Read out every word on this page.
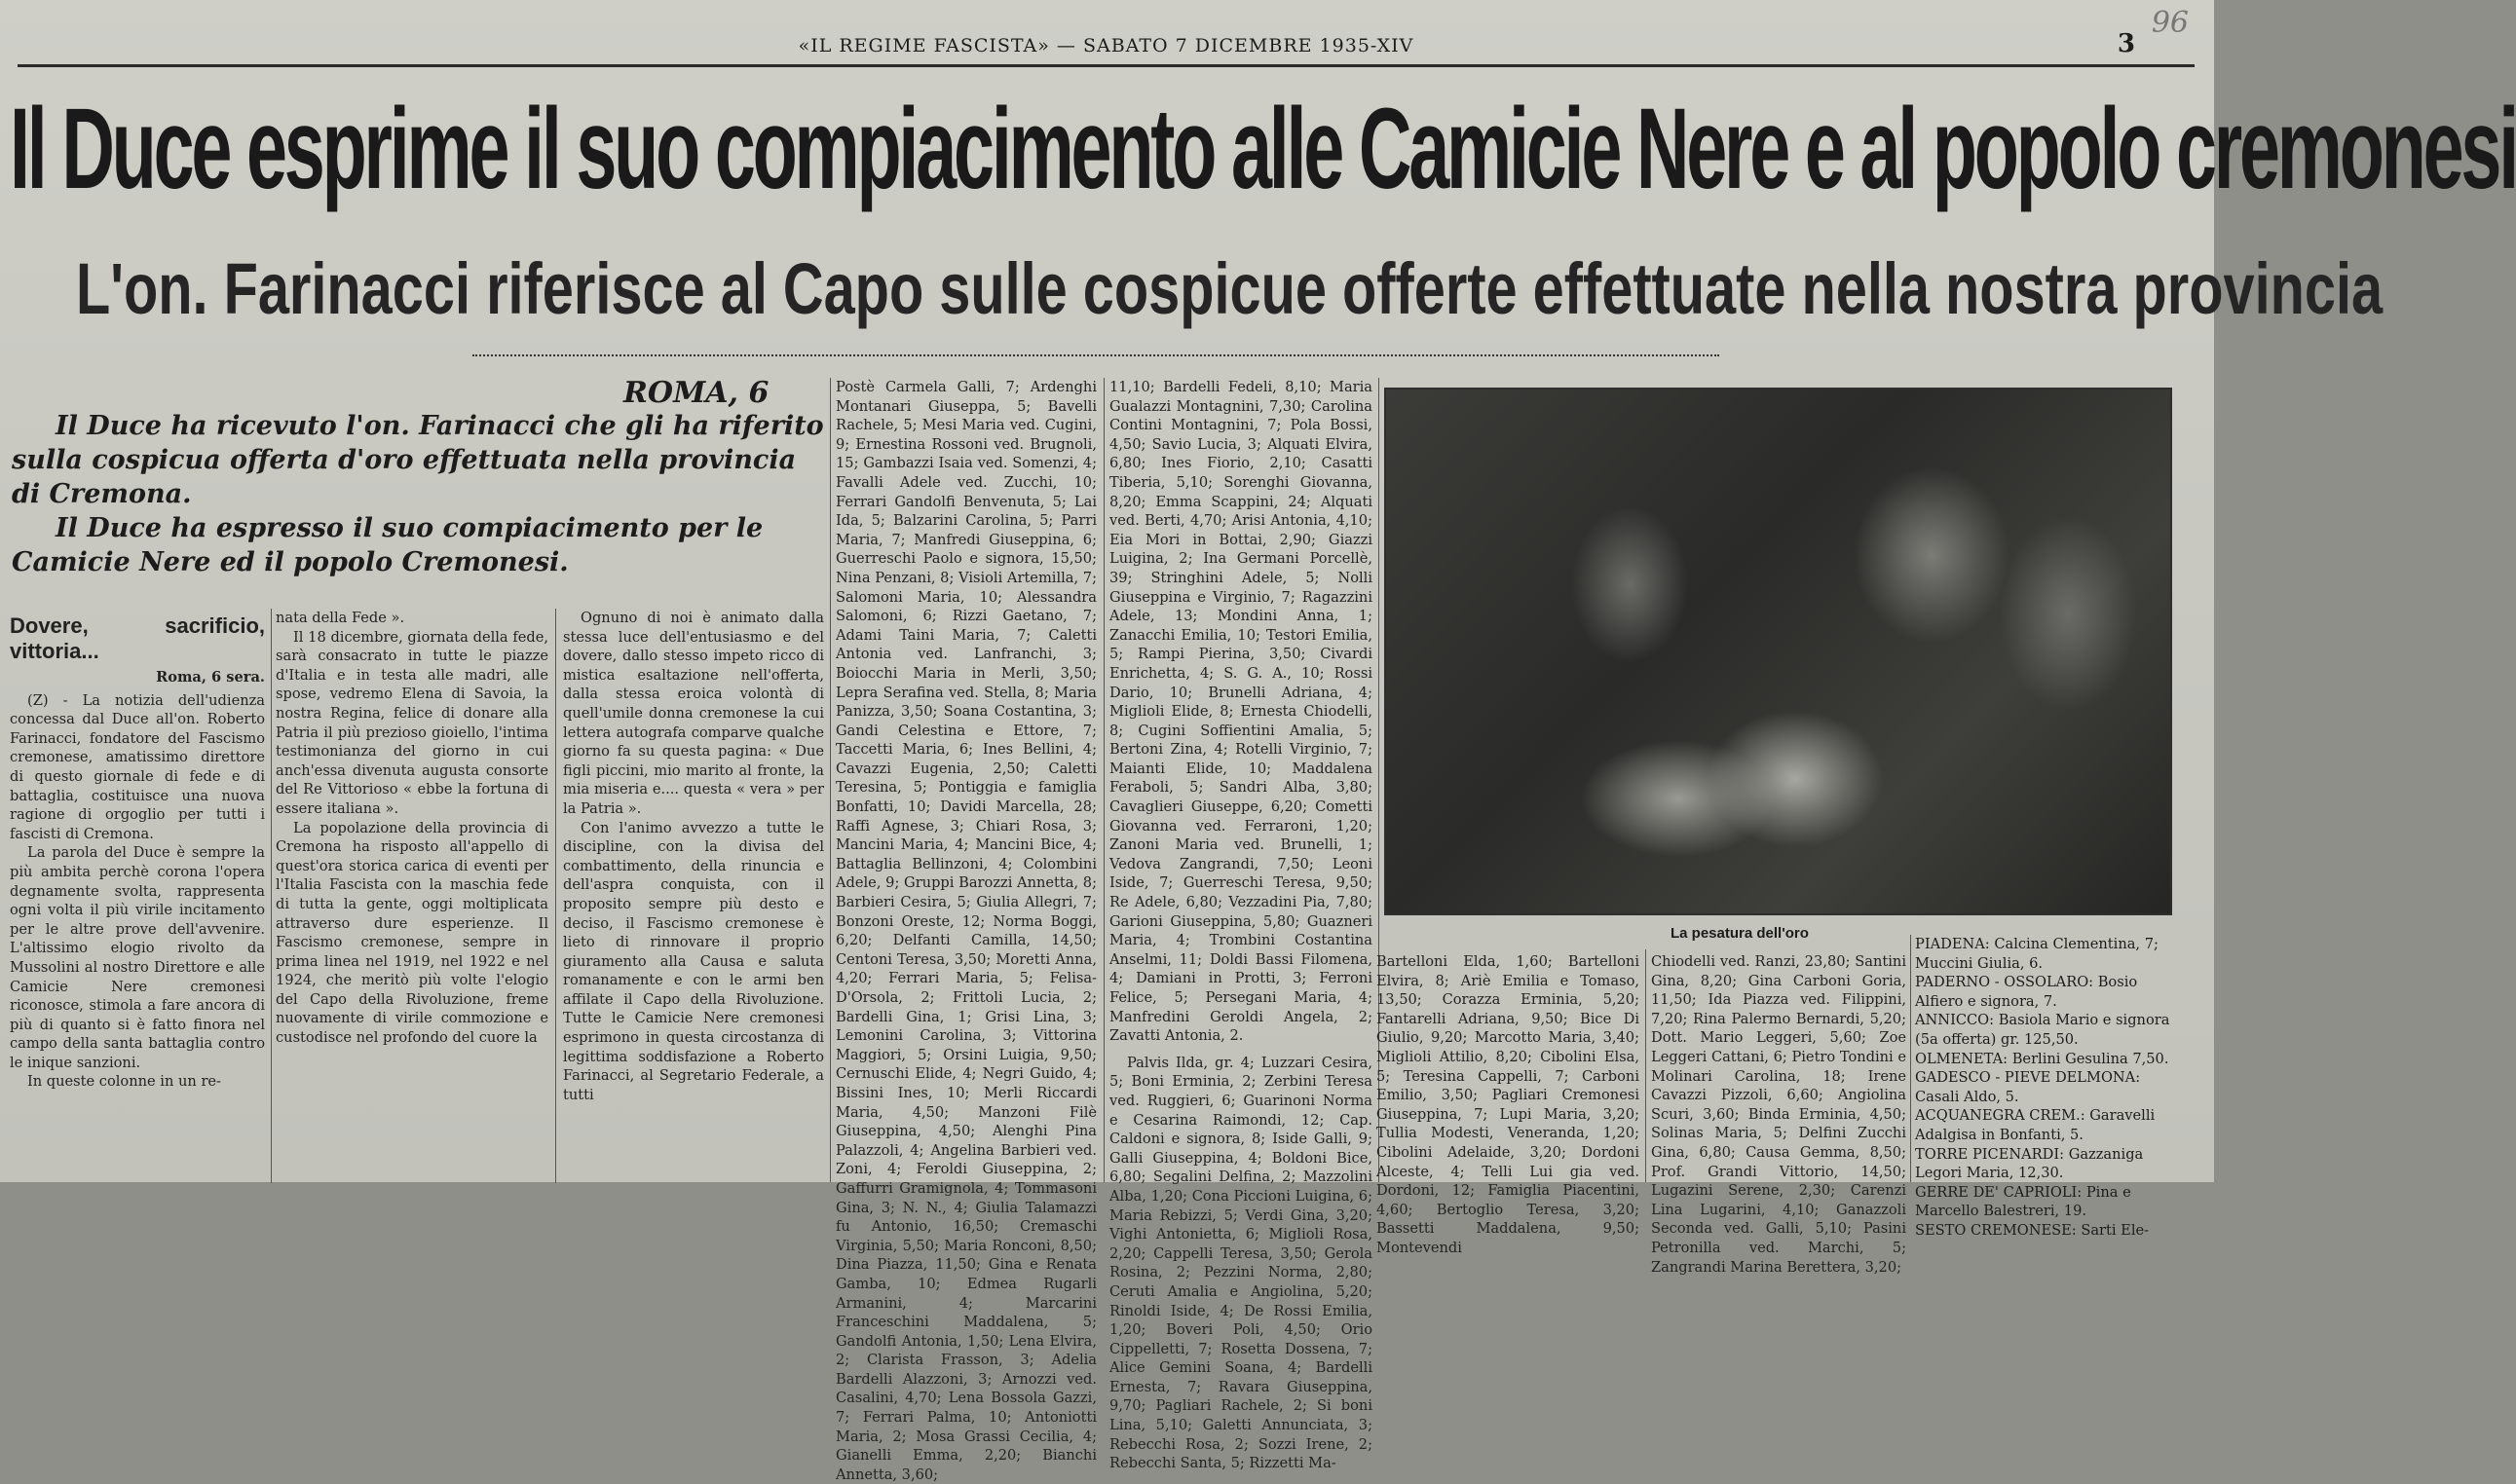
«IL REGIME FASCISTA» — SABATO 7 DICEMBRE 1935-XIV	3
96
Il Duce esprime il suo compiacimento alle Camicie Nere e al popolo cremonesi
L'on. Farinacci riferisce al Capo sulle cospicue offerte effettuate nella nostra provincia
ROMA, 6

Il Duce ha ricevuto l'on. Farinacci che gli ha riferito sulla cospicua offerta d'oro effettuata nella provincia di Cremona.

Il Duce ha espresso il suo compiacimento per le Camicie Nere ed il popolo Cremonesi.

Dovere, sacrificio, vittoria...
Roma, 6 sera.

(Z) - La notizia dell'udienza concessa dal Duce all'on. Roberto Farinacci, fondatore del Fascismo cremonese, amatissimo direttore di questo giornale di fede e di battaglia, costituisce una nuova ragione di orgoglio per tutti i fascisti di Cremona.

La parola del Duce è sempre la più ambita perchè corona l'opera degnamente svolta, rappresenta ogni volta il più virile incitamento per le altre prove dell'avvenire. L'altissimo elogio rivolto da Mussolini al nostro Direttore e alle Camicie Nere cremonesi riconosce, stimola a fare ancora di più di quanto si è fatto finora nel campo della santa battaglia contro le inique sanzioni.

In queste colonne in un re-

nata della Fede ».

Il 18 dicembre, giornata della fede, sarà consacrato in tutte le piazze d'Italia e in testa alle madri, alle spose, vedremo Elena di Savoia, la nostra Regina, felice di donare alla Patria il più prezioso gioiello, l'intima testimonianza del giorno in cui anch'essa divenuta augusta consorte del Re Vittorioso « ebbe la fortuna di essere italiana ».

La popolazione della provincia di Cremona ha risposto all'appello di quest'ora storica carica di eventi per l'Italia Fascista con la maschia fede di tutta la gente, oggi moltiplicata attraverso dure esperienze. Il Fascismo cremonese, sempre in prima linea nel 1919, nel 1922 e nel 1924, che meritò più volte l'elogio del Capo della Rivoluzione, freme nuovamente di virile commozione e custodisce nel profondo del cuore la

Ognuno di noi è animato dalla stessa luce dell'entusiasmo e del dovere, dallo stesso impeto ricco di mistica esaltazione nell'offerta, dalla stessa eroica volontà di quell'umile donna cremonese la cui lettera autografa comparve qualche giorno fa su questa pagina: « Due figli piccini, mio marito al fronte, la mia miseria e.... questa « vera » per la Patria ».

Con l'animo avvezzo a tutte le discipline, con la divisa del combattimento, della rinuncia e dell'aspra conquista, con il proposito sempre più desto e deciso, il Fascismo cremonese è lieto di rinnovare il proprio giuramento alla Causa e saluta romanamente e con le armi ben affilate il Capo della Rivoluzione. Tutte le Camicie Nere cremonesi esprimono in questa circostanza di legittima soddisfazione a Roberto Farinacci, al Segretario Federale, a tutti

Postè Carmela Galli, 7; Ardenghi Montanari Giuseppa, 5; Bavelli Rachele, 5; Mesi Maria ved. Cugini, 9; Ernestina Rossoni ved. Brugnoli, 15; Gambazzi Isaia ved. Somenzi, 4; Favalli Adele ved. Zucchi, 10; Ferrari Gandolfi Benvenuta, 5; Lai Ida, 5; Balzarini Carolina, 5; Parri Maria, 7; Manfredi Giuseppina, 6; Guerreschi Paolo e signora, 15,50; Nina Penzani, 8; Visioli Artemilla, 7; Salomoni Maria, 10; Alessandra Salomoni, 6; Rizzi Gaetano, 7; Adami Taini Maria, 7; Caletti Antonia ved. Lanfranchi, 3; Boiocchi Maria in Merli, 3,50; Lepra Serafina ved. Stella, 8; Maria Panizza, 3,50; Soana Costantina, 3; Gandi Celestina e Ettore, 7; Taccetti Maria, 6; Ines Bellini, 4; Cavazzi Eugenia, 2,50; Caletti Teresina, 5; Pontiggia e famiglia Bonfatti, 10; Davidi Marcella, 28; Raffi Agnese, 3; Chiari Rosa, 3; Mancini Maria, 4; Mancini Bice, 4; Battaglia Bellinzoni, 4; Colombini Adele, 9; Gruppi Barozzi Annetta, 8; Barbieri Cesira, 5; Giulia Allegri, 7; Bonzoni Oreste, 12; Norma Boggi, 6,20; Delfanti Camilla, 14,50; Centoni Teresa, 3,50; Moretti Anna, 4,20; Ferrari Maria, 5; Felisa-D'Orsola, 2; Frittoli Lucia, 2; Bardelli Gina, 1; Grisi Lina, 3; Lemonini Carolina, 3; Vittorina Maggiori, 5; Orsini Luigia, 9,50; Cernuschi Elide, 4; Negri Guido, 4; Bissini Ines, 10; Merli Riccardi Maria, 4,50; Manzoni Filè Giuseppina, 4,50; Alenghi Pina Palazzoli, 4; Angelina Barbieri ved. Zoni, 4; Feroldi Giuseppina, 2; Gaffurri Gramignola, 4; Tommasoni Gina, 3; N. N., 4; Giulia Talamazzi fu Antonio, 16,50; Cremaschi Virginia, 5,50; Maria Ronconi, 8,50; Dina Piazza, 11,50; Gina e Renata Gamba, 10; Edmea Rugarli Armanini, 4; Marcarini Franceschini Maddalena, 5; Gandolfi Antonia, 1,50; Lena Elvira, 2; Clarista Frasson, 3; Adelia Bardelli Alazzoni, 3; Arnozzi ved. Casalini, 4,70; Lena Bossola Gazzi, 7; Ferrari Palma, 10; Antoniotti Maria, 2; Mosa Grassi Cecilia, 4; Gianelli Emma, 2,20; Bianchi Annetta, 3,60;

11,10; Bardelli Fedeli, 8,10; Maria Gualazzi Montagnini, 7,30; Carolina Contini Montagnini, 7; Pola Bossi, 4,50; Savio Lucia, 3; Alquati Elvira, 6,80; Ines Fiorio, 2,10; Casatti Tiberia, 5,10; Sorenghi Giovanna, 8,20; Emma Scappini, 24; Alquati ved. Berti, 4,70; Arisi Antonia, 4,10; Eia Mori in Bottai, 2,90; Giazzi Luigina, 2; Ina Germani Porcellè, 39; Stringhini Adele, 5; Nolli Giuseppina e Virginio, 7; Ragazzini Adele, 13; Mondini Anna, 1; Zanacchi Emilia, 10; Testori Emilia, 5; Rampi Pierina, 3,50; Civardi Enrichetta, 4; S. G. A., 10; Rossi Dario, 10; Brunelli Adriana, 4; Miglioli Elide, 8; Ernesta Chiodelli, 8; Cugini Soffientini Amalia, 5; Bertoni Zina, 4; Rotelli Virginio, 7; Maianti Elide, 10; Maddalena Feraboli, 5; Sandri Alba, 3,80; Cavaglieri Giuseppe, 6,20; Cometti Giovanna ved. Ferraroni, 1,20; Zanoni Maria ved. Brunelli, 1; Vedova Zangrandi, 7,50; Leoni Iside, 7; Guerreschi Teresa, 9,50; Re Adele, 6,80; Vezzadini Pia, 7,80; Garioni Giuseppina, 5,80; Guazneri Maria, 4; Trombini Costantina Anselmi, 11; Doldi Bassi Filomena, 4; Damiani in Protti, 3; Ferroni Felice, 5; Persegani Maria, 4; Manfredini Geroldi Angela, 2; Zavatti Antonia, 2.

Palvis Ilda, gr. 4; Luzzari Cesira, 5; Boni Erminia, 2; Zerbini Teresa ved. Ruggieri, 6; Guarinoni Norma e Cesarina Raimondi, 12; Cap. Caldoni e signora, 8; Iside Galli, 9; Galli Giuseppina, 4; Boldoni Bice, 6,80; Segalini Delfina, 2; Mazzolini Alba, 1,20; Cona Piccioni Luigina, 6; Maria Rebizzi, 5; Verdi Gina, 3,20; Vighi Antonietta, 6; Miglioli Rosa, 2,20; Cappelli Teresa, 3,50; Gerola Rosina, 2; Pezzini Norma, 2,80; Ceruti Amalia e Angiolina, 5,20; Rinoldi Iside, 4; De Rossi Emilia, 1,20; Boveri Poli, 4,50; Orio Cippelletti, 7; Rosetta Dossena, 7; Alice Gemini Soana, 4; Bardelli Ernesta, 7; Ravara Giuseppina, 9,70; Pagliari Rachele, 2; Si boni Lina, 5,10; Galetti Annunciata, 3; Rebecchi Rosa, 2; Sozzi Irene, 2; Rebecchi Santa, 5; Rizzetti Ma-

La pesatura dell'oro

Bartelloni Elda, 1,60; Bartelloni Elvira, 8; Ariè Emilia e Tomaso, 13,50; Corazza Erminia, 5,20; Fantarelli Adriana, 9,50; Bice Di Giulio, 9,20; Marcotto Maria, 3,40; Miglioli Attilio, 8,20; Cibolini Elsa, 5; Teresina Cappelli, 7; Carboni Emilio, 3,50; Pagliari Cremonesi Giuseppina, 7; Lupi Maria, 3,20; Tullia Modesti, Veneranda, 1,20; Cibolini Adelaide, 3,20; Dordoni Alceste, 4; Telli Lui gia ved. Dordoni, 12; Famiglia Piacentini, 4,60; Bertoglio Teresa, 3,20; Bassetti Maddalena, 9,50; Montevendi

Chiodelli ved. Ranzi, 23,80; Santini Gina, 8,20; Gina Carboni Goria, 11,50; Ida Piazza ved. Filippini, 7,20; Rina Palermo Bernardi, 5,20; Dott. Mario Leggeri, 5,60; Zoe Leggeri Cattani, 6; Pietro Tondini e Molinari Carolina, 18; Irene Cavazzi Pizzoli, 6,60; Angiolina Scuri, 3,60; Binda Erminia, 4,50; Solinas Maria, 5; Delfini Zucchi Gina, 6,80; Causa Gemma, 8,50; Prof. Grandi Vittorio, 14,50; Lugazini Serene, 2,30; Carenzi Lina Lugarini, 4,10; Ganazzoli Seconda ved. Galli, 5,10; Pasini Petronilla ved. Marchi, 5; Zangrandi Marina Berettera, 3,20;

PIADENA: Calcina Clementina, 7; Muccini Giulia, 6.

PADERNO - OSSOLARO: Bosio Alfiero e signora, 7.

ANNICCO: Basiola Mario e signora (5a offerta) gr. 125,50.

OLMENETA: Berlini Gesulina 7,50.

GADESCO - PIEVE DELMONA: Casali Aldo, 5.

ACQUANEGRA CREM.: Garavelli Adalgisa in Bonfanti, 5.

TORRE PICENARDI: Gazzaniga Legori Maria, 12,30.

GERRE DE' CAPRIOLI: Pina e Marcello Balestreri, 19.

SESTO CREMONESE: Sarti Ele-
